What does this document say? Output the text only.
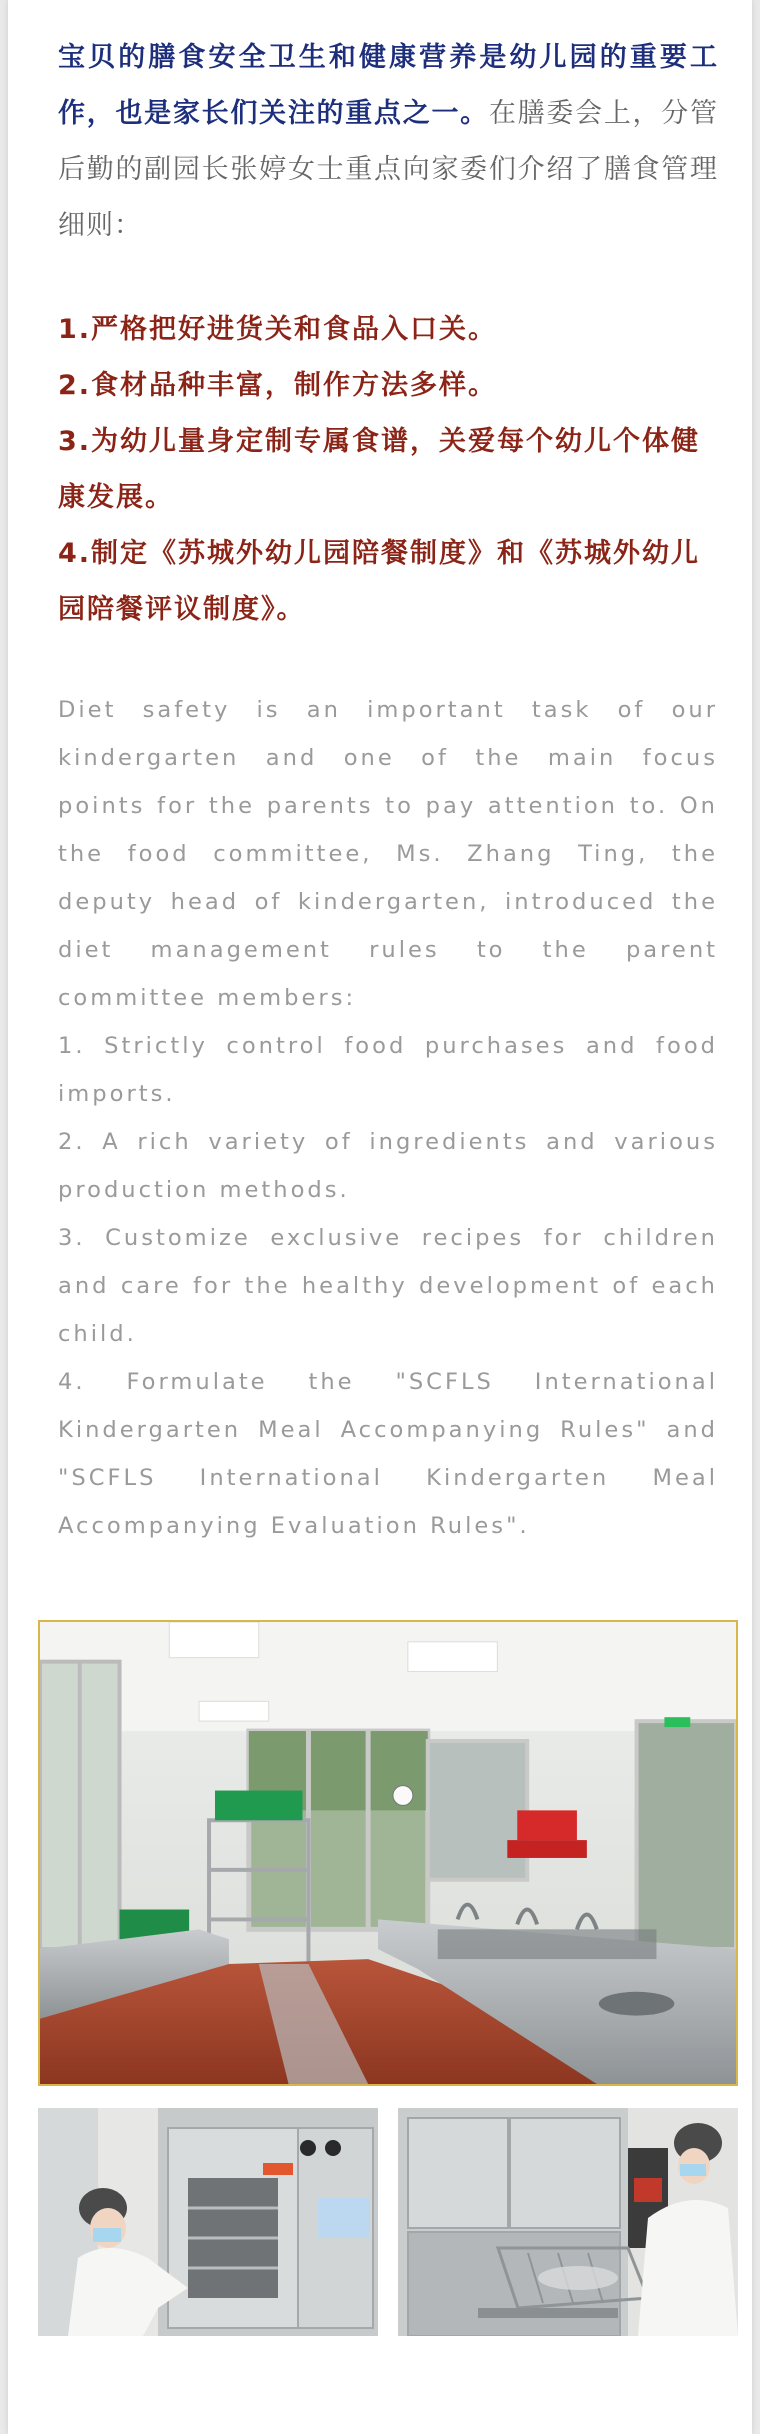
宝贝的膳食安全卫生和健康营养是幼儿园的重要工作，也是家长们关注的重点之一。在膳委会上，分管后勤的副园长张婷女士重点向家委们介绍了膳食管理细则：
1.严格把好进货关和食品入口关。
2.食材品种丰富，制作方法多样。
3.为幼儿量身定制专属食谱，关爱每个幼儿个体健康发展。
4.制定《苏城外幼儿园陪餐制度》和《苏城外幼儿园陪餐评议制度》。

Diet safety is an important task of our kindergarten and one of the main focus points for the parents to pay attention to. On the food committee, Ms. Zhang Ting, the deputy head of kindergarten, introduced the diet management rules to the parent committee members:

1. Strictly control food purchases and food imports.

2. A rich variety of ingredients and various production methods.

3. Customize exclusive recipes for children and care for the healthy development of each child.

4. Formulate the "SCFLS International Kindergarten Meal Accompanying Rules" and "SCFLS International Kindergarten Meal Accompanying Evaluation Rules".
